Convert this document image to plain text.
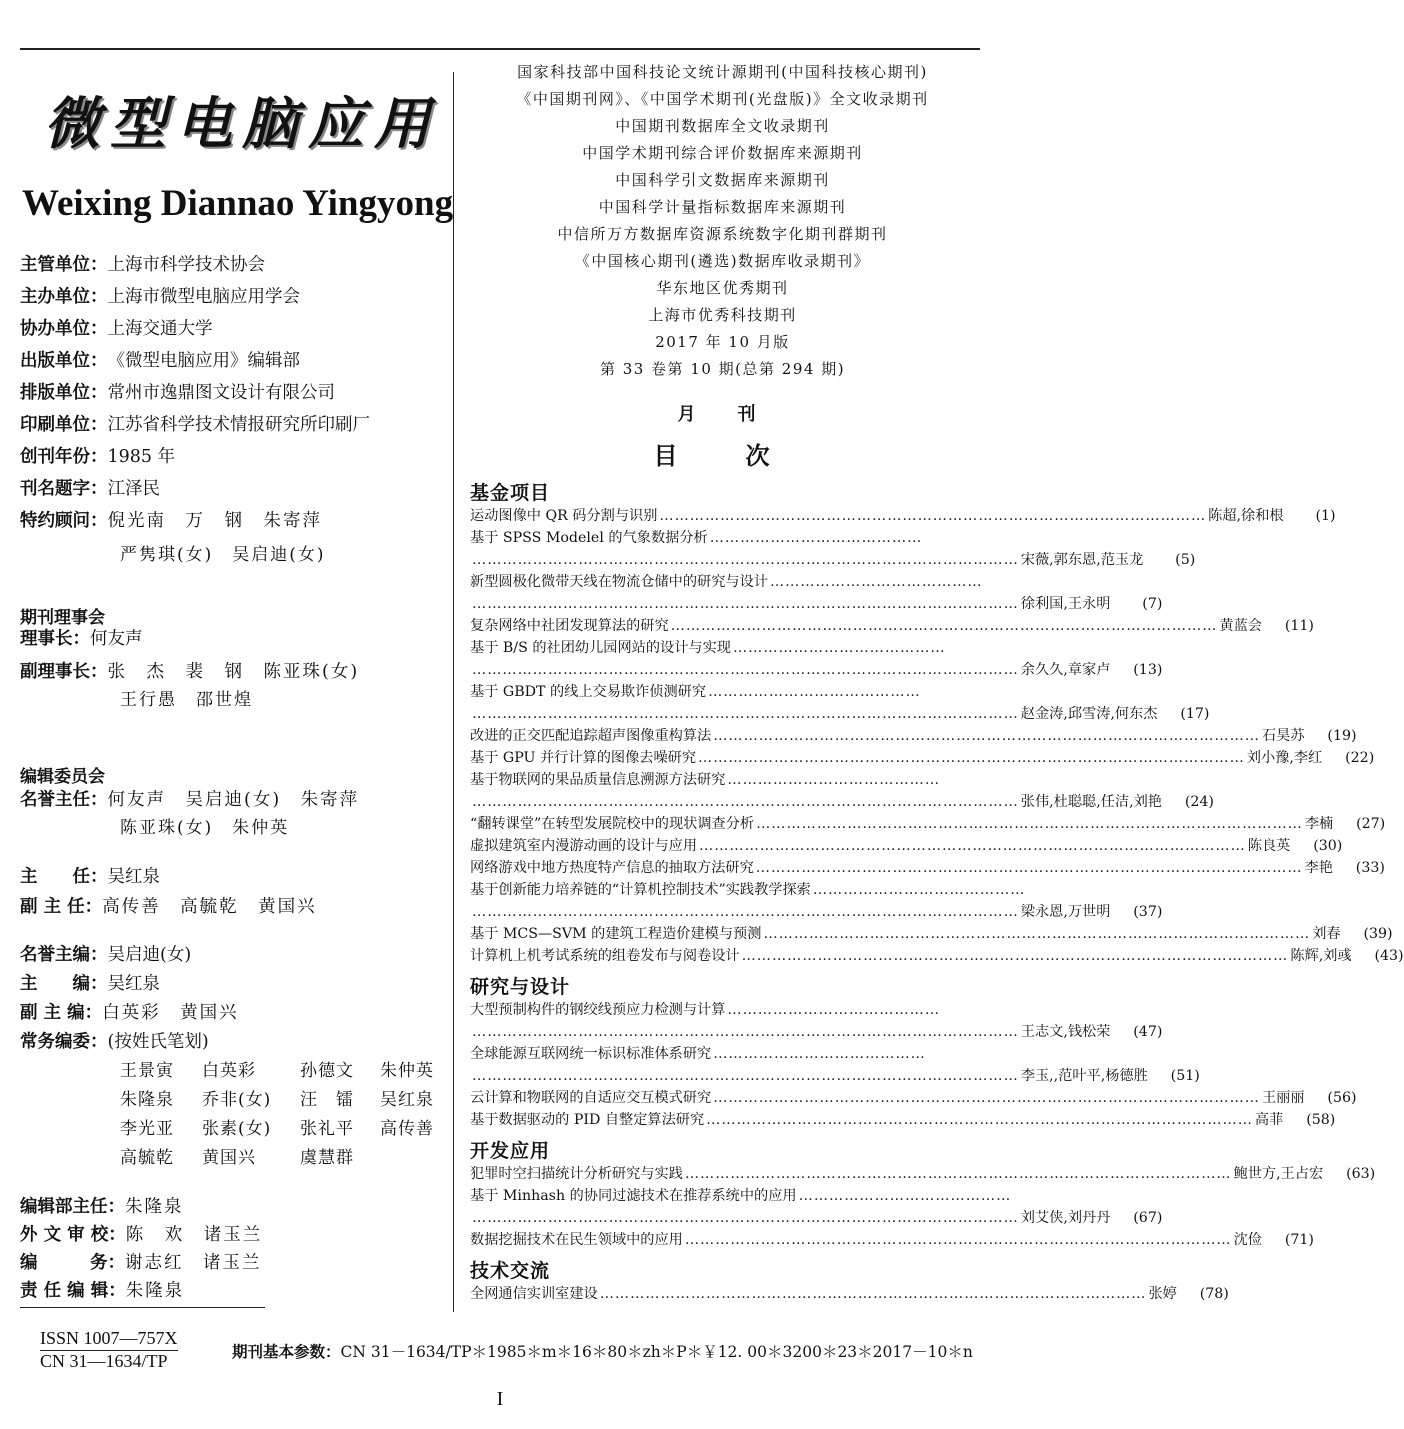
微型电脑应用
Weixing Diannao Yingyong
主管单位：上海市科学技术协会
主办单位：上海市微型电脑应用学会
协办单位：上海交通大学
出版单位：《微型电脑应用》编辑部
排版单位：常州市逸鼎图文设计有限公司
印刷单位：江苏省科学技术情报研究所印刷厂
创刊年份：1985 年
刊名题字：江泽民
特约顾问：倪光南　万　钢　朱寄萍
严隽琪(女)　吴启迪(女)
期刊理事会
理事长：何友声
副理事长：张　杰　裴　钢　陈亚珠(女)
王行愚　邵世煌
编辑委员会
名誉主任：何友声　吴启迪(女)　朱寄萍
陈亚珠(女)　朱仲英
主　　任：吴红泉
副 主 任：高传善　高毓乾　黄国兴
名誉主编：吴启迪(女)
主　　编：吴红泉
副 主 编：白英彩　黄国兴
常务编委：(按姓氏笔划)
王景寅 白英彩	孙德文 朱仲英
朱隆泉 乔非(女) 汪　镭 吴红泉
李光亚 张素(女) 张礼平 高传善
高毓乾 黄国兴	虞慧群
编辑部主任：朱隆泉
外 文 审 校：陈　欢　诸玉兰
编　　　务：谢志红　诸玉兰
责 任 编 辑：朱隆泉
国家科技部中国科技论文统计源期刊(中国科技核心期刊)
《中国期刊网》、《中国学术期刊(光盘版)》全文收录期刊
中国期刊数据库全文收录期刊
中国学术期刊综合评价数据库来源期刊
中国科学引文数据库来源期刊
中国科学计量指标数据库来源期刊
中信所万方数据库资源系统数字化期刊群期刊
《中国核心期刊(遴选)数据库收录期刊》
华东地区优秀期刊
上海市优秀科技期刊
2017 年 10 月版
第 33 卷第 10 期(总第 294 期)
月　刊
目　次
基金项目
运动图像中 QR 码分割与识别 ……………………………………………………………………………………………… 陈超,徐和根	(1)
基于 SPSS Modelel 的气象数据分析 ……………………………………
……………………………………………………………………………………………… 宋薇,郭东恩,范玉龙	(5)
新型圆极化微带天线在物流仓储中的研究与设计 ……………………………………
……………………………………………………………………………………………… 徐利国,王永明	(7)
复杂网络中社团发现算法的研究 ……………………………………………………………………………………………… 黄蓝会	(11)
基于 B/S 的社团幼儿园网站的设计与实现 ……………………………………
……………………………………………………………………………………………… 余久久,章家卢	(13)
基于 GBDT 的线上交易欺诈侦测研究 ……………………………………
……………………………………………………………………………………………… 赵金涛,邱雪涛,何东杰	(17)
改进的正交匹配追踪超声图像重构算法 ……………………………………………………………………………………………… 石昊苏	(19)
基于 GPU 并行计算的图像去噪研究 ……………………………………………………………………………………………… 刘小豫,李红	(22)
基于物联网的果品质量信息溯源方法研究 ……………………………………
……………………………………………………………………………………………… 张伟,杜聪聪,任洁,刘艳	(24)
“翻转课堂”在转型发展院校中的现状调查分析 ……………………………………………………………………………………………… 李楠	(27)
虚拟建筑室内漫游动画的设计与应用 ……………………………………………………………………………………………… 陈良英	(30)
网络游戏中地方热度特产信息的抽取方法研究 ……………………………………………………………………………………………… 李艳	(33)
基于创新能力培养链的“计算机控制技术”实践教学探索 ……………………………………
……………………………………………………………………………………………… 梁永恩,万世明	(37)
基于 MCS—SVM 的建筑工程造价建模与预测 ……………………………………………………………………………………………… 刘春	(39)
计算机上机考试系统的组卷发布与阅卷设计 ……………………………………………………………………………………………… 陈辉,刘彧	(43)
研究与设计
大型预制构件的钢绞线预应力检测与计算 ……………………………………
……………………………………………………………………………………………… 王志文,钱松荣	(47)
全球能源互联网统一标识标准体系研究 ……………………………………
……………………………………………………………………………………………… 李玉,,范叶平,杨德胜	(51)
云计算和物联网的自适应交互模式研究 ……………………………………………………………………………………………… 王丽丽	(56)
基于数据驱动的 PID 自整定算法研究 ……………………………………………………………………………………………… 高菲	(58)
开发应用
犯罪时空扫描统计分析研究与实践 ……………………………………………………………………………………………… 鲍世方,王占宏	(63)
基于 Minhash 的协同过滤技术在推荐系统中的应用 ……………………………………
……………………………………………………………………………………………… 刘艾侠,刘丹丹	(67)
数据挖掘技术在民生领域中的应用 ……………………………………………………………………………………………… 沈俭	(71)
技术交流
全网通信实训室建设 ……………………………………………………………………………………………… 张婷	(78)
ISSN 1007—757X
CN 31—1634/TP	期刊基本参数：CN 31－1634/TP＊1985＊m＊16＊80＊zh＊P＊￥12. 00＊3200＊23＊2017－10＊n
I
